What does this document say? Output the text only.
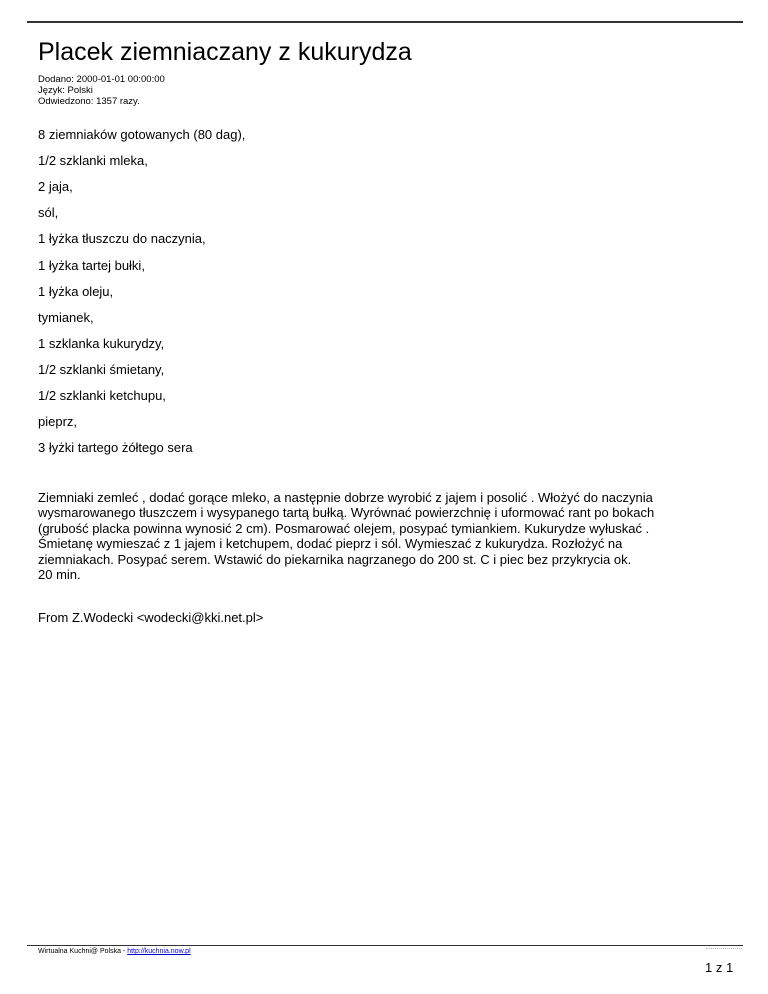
Placek ziemniaczany z kukurydza
Dodano: 2000-01-01 00:00:00
Język: Polski
Odwiedzono: 1357 razy.
8 ziemniaków gotowanych (80 dag),
1/2 szklanki mleka,
2 jaja,
sól,
1 łyżka tłuszczu do naczynia,
1 łyżka tartej bułki,
1 łyżka oleju,
tymianek,
1 szklanka kukurydzy,
1/2 szklanki śmietany,
1/2 szklanki ketchupu,
pieprz,
3 łyżki tartego żółtego sera
Ziemniaki zemleć , dodać gorące mleko, a następnie dobrze wyrobić z jajem i posolić . Włożyć do naczynia
wysmarowanego tłuszczem i wysypanego tartą bułką. Wyrównać powierzchnię i uformować rant po bokach
(grubość placka powinna wynosić 2 cm). Posmarować olejem, posypać tymiankiem. Kukurydze wyłuskać .
Śmietanę wymieszać z 1 jajem i ketchupem, dodać pieprz i sól. Wymieszać z kukurydza. Rozłożyć na
ziemniakach. Posypać serem. Wstawić do piekarnika nagrzanego do 200 st. C i piec bez przykrycia ok.
20 min.
From Z.Wodecki <wodecki@kki.net.pl>
Wirtualna Kuchni@ Polska - http://kuchnia.now.pl
1 z 1
